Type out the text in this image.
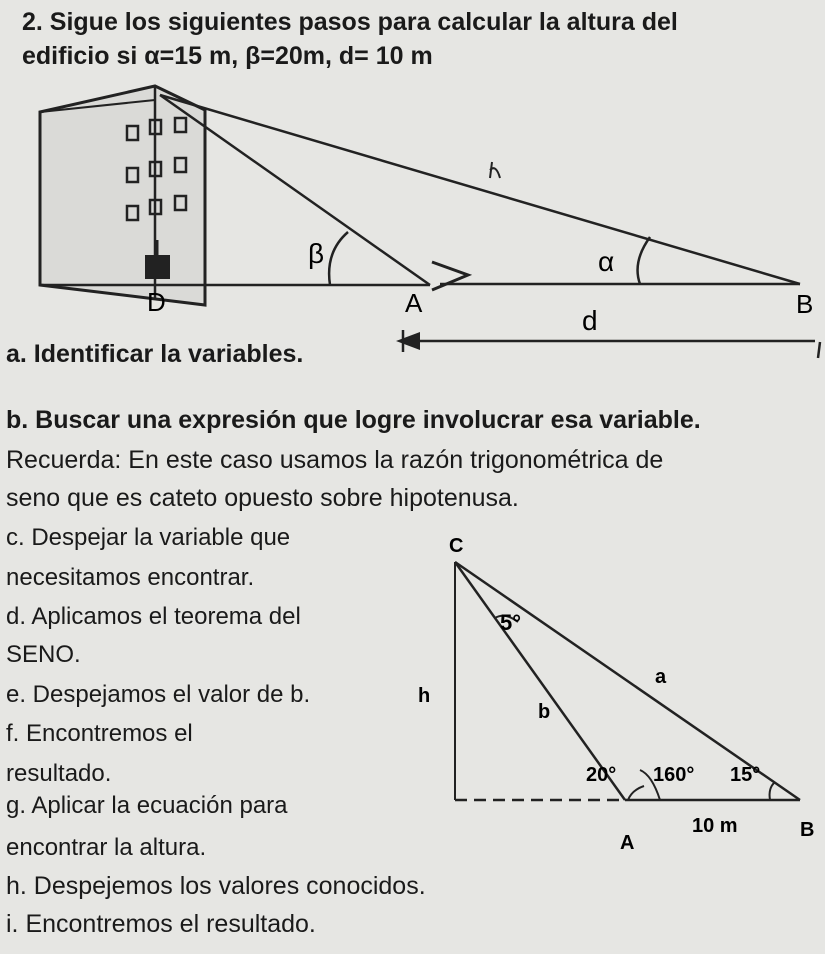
2. Sigue los siguientes pasos para calcular la altura del
edificio si α=15 m, β=20m, d= 10 m
β	α
D	A	B
d
a. Identificar la variables.
b. Buscar una expresión que logre involucrar esa variable.
Recuerda: En este caso usamos la razón trigonométrica de
seno que es cateto opuesto sobre hipotenusa.
c. Despejar la variable que
necesitamos encontrar.
d. Aplicamos el teorema del
SENO.
e. Despejamos el valor de b.
f. Encontremos el
resultado.
g. Aplicar la ecuación para
encontrar la altura.
h. Despejemos los valores conocidos.
i. Encontremos el resultado.
C
5°
a
h
b
20° 160° 15°
10 m
A
B
